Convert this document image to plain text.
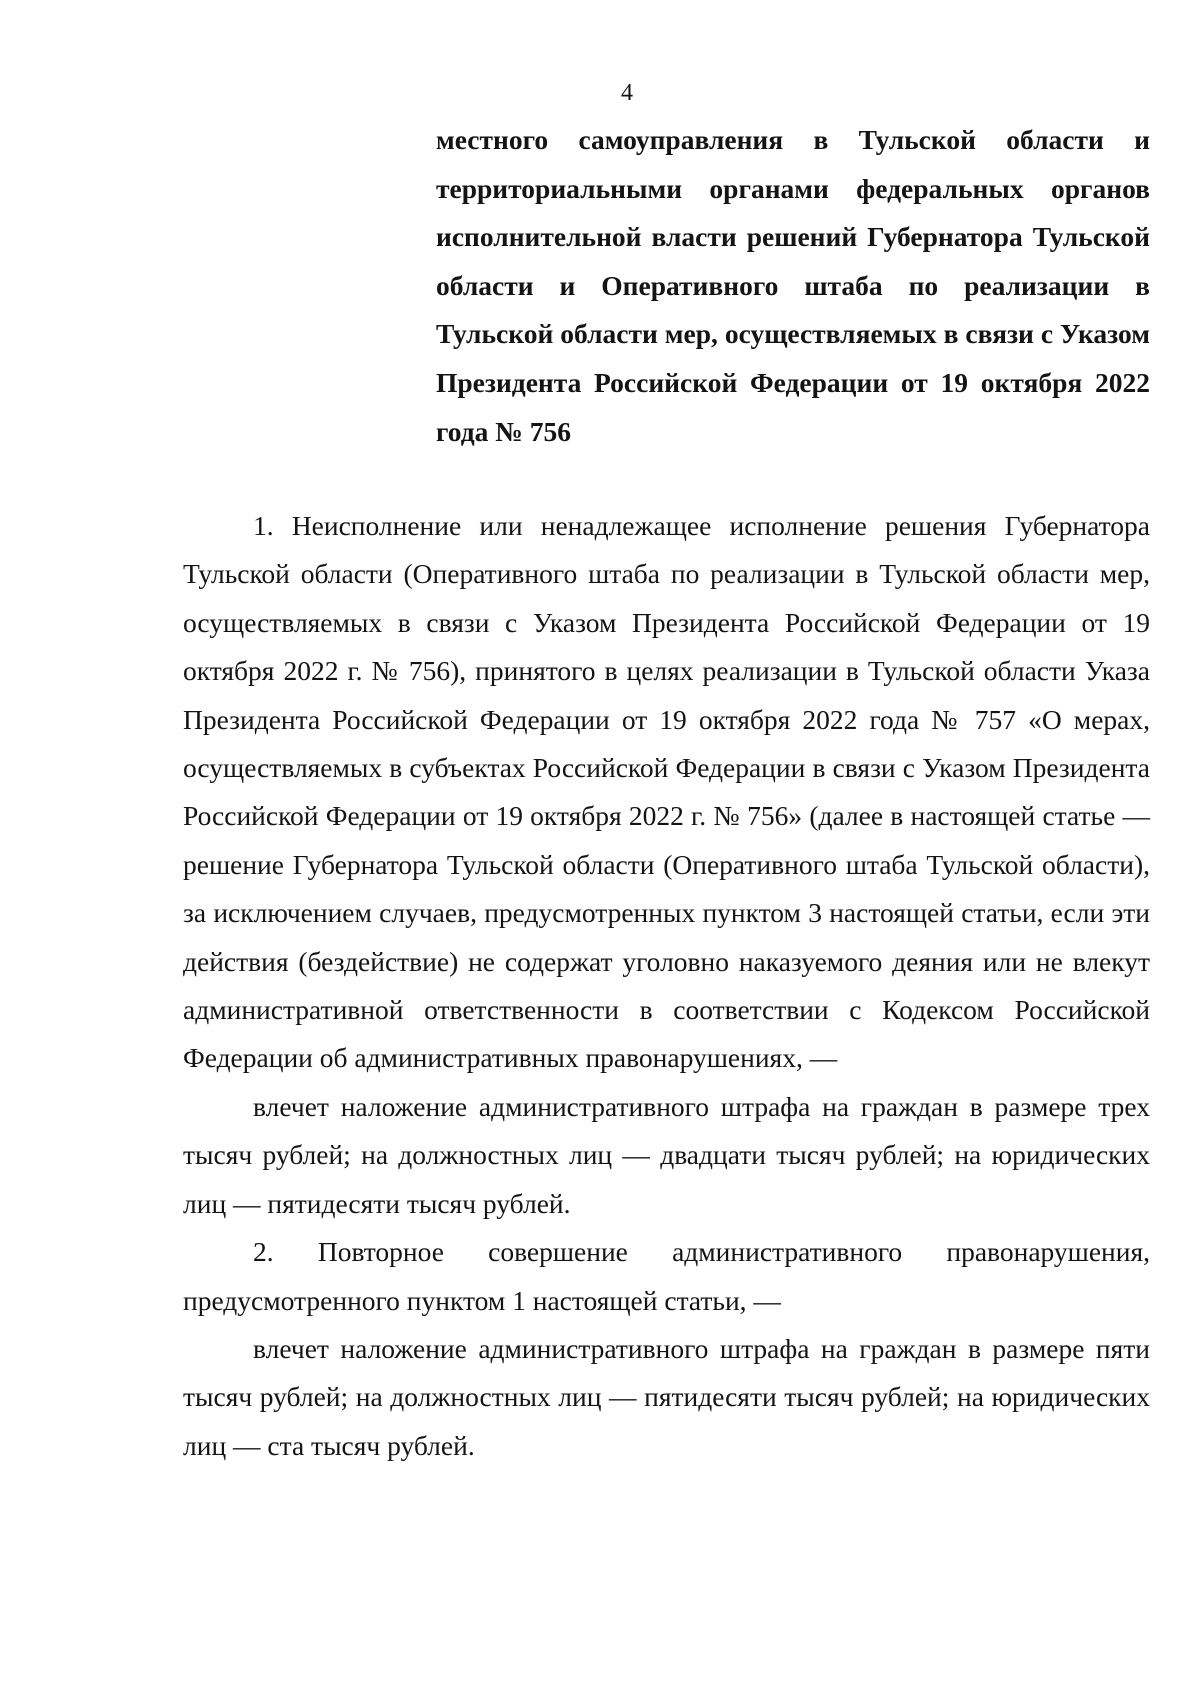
4

местного самоуправления в Тульской области и территориальными органами федеральных органов исполнительной власти решений Губернатора Тульской области и Оперативного штаба по реализации в Тульской области мер, осуществляемых в связи с Указом Президента Российской Федерации от 19 октября 2022 года № 756

1. Неисполнение или ненадлежащее исполнение решения Губернатора Тульской области (Оперативного штаба по реализации в Тульской области мер, осуществляемых в связи с Указом Президента Российской Федерации от 19 октября 2022 г. № 756), принятого в целях реализации в Тульской области Указа Президента Российской Федерации от 19 октября 2022 года № 757 «О мерах, осуществляемых в субъектах Российской Федерации в связи с Указом Президента Российской Федерации от 19 октября 2022 г. № 756» (далее в настоящей статье — решение Губернатора Тульской области (Оперативного штаба Тульской области), за исключением случаев, предусмотренных пунктом 3 настоящей статьи, если эти действия (бездействие) не содержат уголовно наказуемого деяния или не влекут административной ответственности в соответствии с Кодексом Российской Федерации об административных правонарушениях, —

влечет наложение административного штрафа на граждан в размере трех тысяч рублей; на должностных лиц — двадцати тысяч рублей; на юридических лиц — пятидесяти тысяч рублей.

2. Повторное совершение административного правонарушения, предусмотренного пунктом 1 настоящей статьи, —

влечет наложение административного штрафа на граждан в размере пяти тысяч рублей; на должностных лиц — пятидесяти тысяч рублей; на юридических лиц — ста тысяч рублей.
